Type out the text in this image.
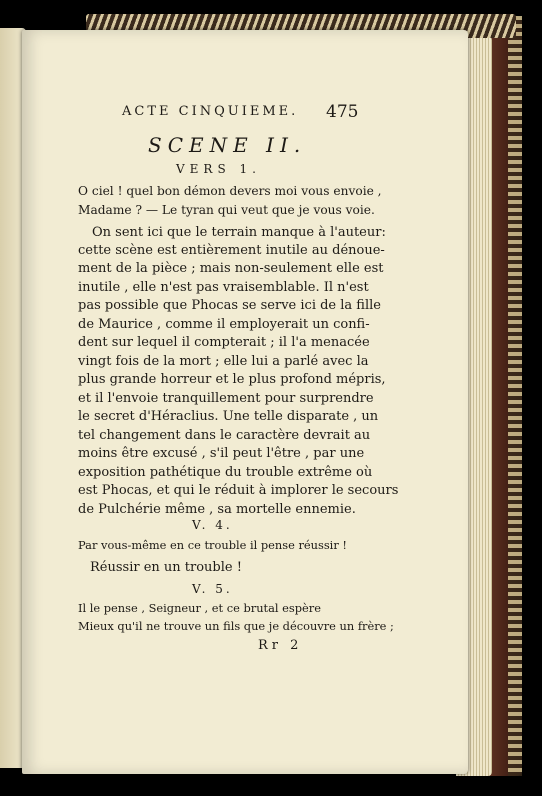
ACTE CINQUIEME. 475
SCENE II.
VERS 1.
O ciel ! quel bon démon devers moi vous envoie ,
Madame ? — Le tyran qui veut que je vous voie.
On sent ici que le terrain manque à l'auteur:
cette scène est entièrement inutile au dénoue-
ment de la pièce ; mais non-seulement elle est
inutile , elle n'est pas vraisemblable. Il n'est
pas possible que Phocas se serve ici de la fille
de Maurice , comme il employerait un confi-
dent sur lequel il compterait ; il l'a menacée
vingt fois de la mort ; elle lui a parlé avec la
plus grande horreur et le plus profond mépris,
et il l'envoie tranquillement pour surprendre
le secret d'Héraclius. Une telle disparate , un
tel changement dans le caractère devrait au
moins être excusé , s'il peut l'être , par une
exposition pathétique du trouble extrême où
est Phocas, et qui le réduit à implorer le secours
de Pulchérie même , sa mortelle ennemie.
V. 4.
Par vous-même en ce trouble il pense réussir !
Réussir en un trouble !
V. 5.
Il le pense , Seigneur , et ce brutal espère
Mieux qu'il ne trouve un fils que je découvre un frère ;
Rr 2
